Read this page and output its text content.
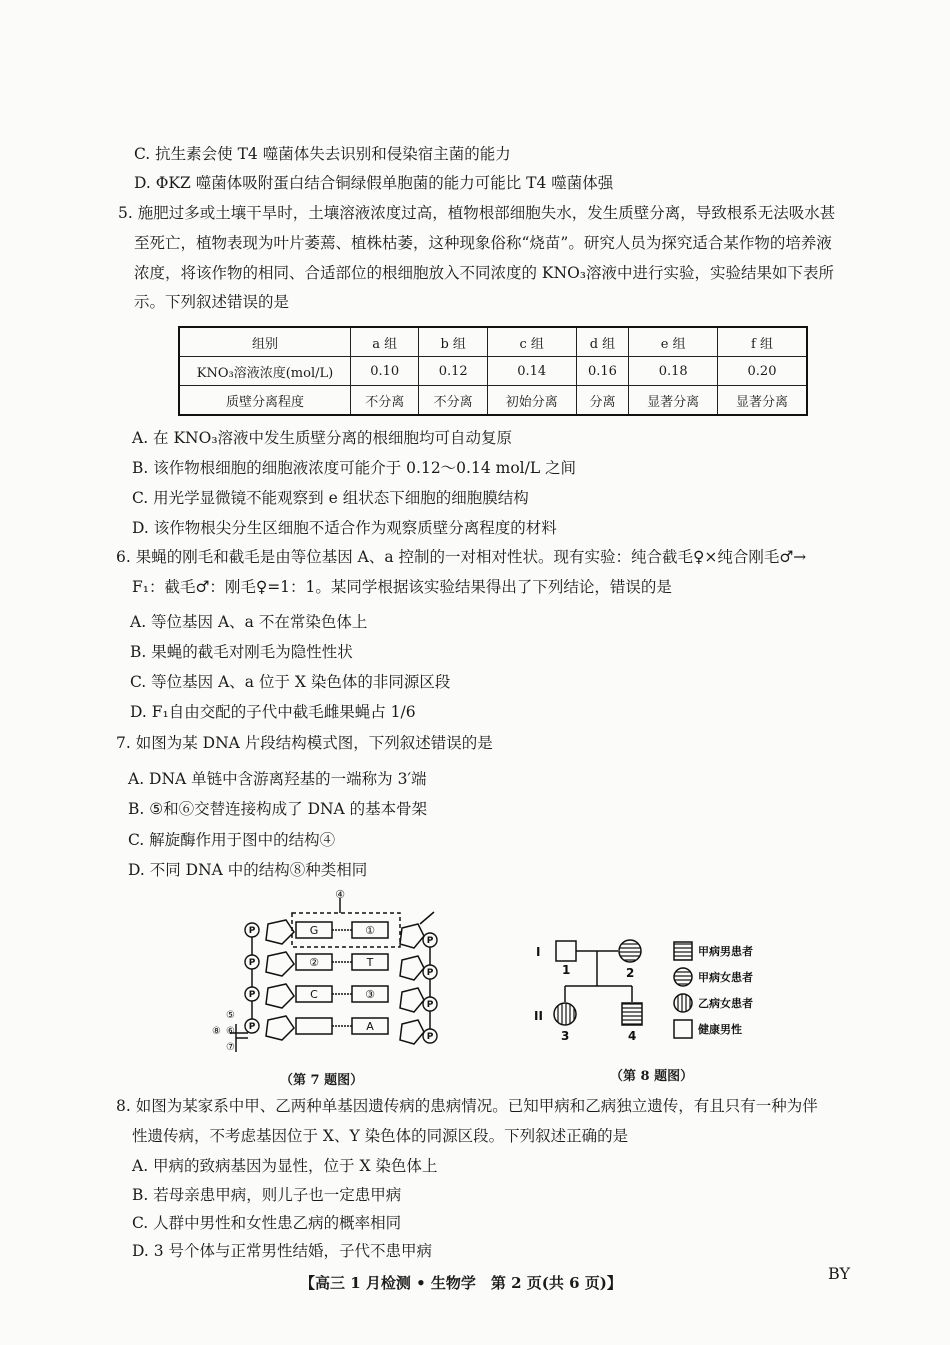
C. 抗生素会使 T4 噬菌体失去识别和侵染宿主菌的能力
D. ΦKZ 噬菌体吸附蛋白结合铜绿假单胞菌的能力可能比 T4 噬菌体强
5. 施肥过多或土壤干旱时，土壤溶液浓度过高，植物根部细胞失水，发生质壁分离，导致根系无法吸水甚
至死亡，植物表现为叶片萎蔫、植株枯萎，这种现象俗称“烧苗”。研究人员为探究适合某作物的培养液
浓度，将该作物的相同、合适部位的根细胞放入不同浓度的 KNO₃溶液中进行实验，实验结果如下表所
示。下列叙述错误的是
组别	a 组	b 组	c 组	d 组	e 组	f 组
KNO₃溶液浓度(mol/L)	0.10	0.12	0.14	0.16	0.18	0.20
质壁分离程度	不分离	不分离	初始分离	分离	显著分离	显著分离
A. 在 KNO₃溶液中发生质壁分离的根细胞均可自动复原
B. 该作物根细胞的细胞液浓度可能介于 0.12～0.14 mol/L 之间
C. 用光学显微镜不能观察到 e 组状态下细胞的细胞膜结构
D. 该作物根尖分生区细胞不适合作为观察质壁分离程度的材料
6. 果蝇的刚毛和截毛是由等位基因 A、a 控制的一对相对性状。现有实验：纯合截毛♀×纯合刚毛♂→
F₁：截毛♂：刚毛♀=1：1。某同学根据该实验结果得出了下列结论，错误的是
A. 等位基因 A、a 不在常染色体上
B. 果蝇的截毛对刚毛为隐性性状
C. 等位基因 A、a 位于 X 染色体的非同源区段
D. F₁自由交配的子代中截毛雌果蝇占 1/6
7. 如图为某 DNA 片段结构模式图，下列叙述错误的是
A. DNA 单链中含游离羟基的一端称为 3′端
B. ⑤和⑥交替连接构成了 DNA 的基本骨架
C. 解旋酶作用于图中的结构④
D. 不同 DNA 中的结构⑧种类相同
P
P
P
P
P
P
P
P
④
G
②
C
①
T
③
A
⑤
⑥
⑦
⑧
（第 7 题图）
I
II
1	2
3	4
甲病男患者
甲病女患者
乙病女患者
健康男性
（第 8 题图）
8. 如图为某家系中甲、乙两种单基因遗传病的患病情况。已知甲病和乙病独立遗传，有且只有一种为伴
性遗传病，不考虑基因位于 X、Y 染色体的同源区段。下列叙述正确的是
A. 甲病的致病基因为显性，位于 X 染色体上
B. 若母亲患甲病，则儿子也一定患甲病
C. 人群中男性和女性患乙病的概率相同
D. 3 号个体与正常男性结婚，子代不患甲病
【高三 1 月检测 • 生物学　第 2 页(共 6 页)】	BY
